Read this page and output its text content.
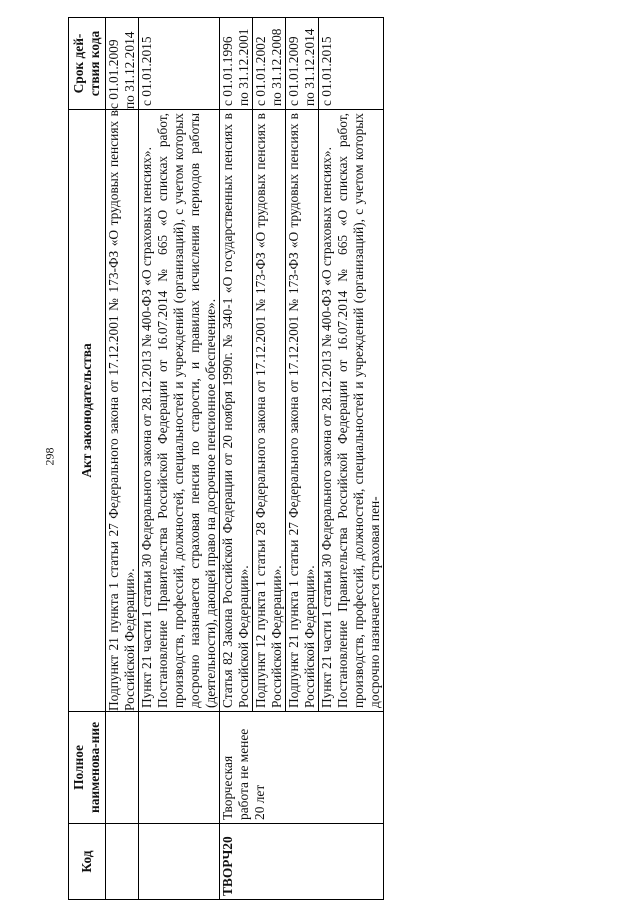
298
Код	Полное наименова-ние	Акт законодательства	Срок дей-ствия кода

		Подпункт 21 пункта 1 статьи 27 Федерального закона от 17.12.2001 № 173-ФЗ «О трудовых пенсиях в Российской Федерации».	с 01.01.2009 по 31.12.2014

		Пункт 21 части 1 статьи 30 Федерального закона от 28.12.2013 № 400-ФЗ «О страховых пенсиях». Постановление Правительства Российской Федерации от 16.07.2014 № 665 «О списках работ, производств, профессий, должностей, специальностей и учреждений (организаций), с учетом которых досрочно назначается страховая пенсия по старости, и правилах исчисления периодов работы (деятельности), дающей право на досрочное пенсионное обеспечение».	с 01.01.2015

ТВОРЧ20	Творческая работа не менее 20 лет	Статья 82 Закона Российской Федерации от 20 ноября 1990г. № 340-1 «О государственных пенсиях в Российской Федерации».	с 01.01.1996 по 31.12.2001

		Подпункт 12 пункта 1 статьи 28 Федерального закона от 17.12.2001 № 173-ФЗ «О трудовых пенсиях в Российской Федерации».	с 01.01.2002 по 31.12.2008

		Подпункт 21 пункта 1 статьи 27 Федерального закона от 17.12.2001 № 173-ФЗ «О трудовых пенсиях в Российской Федерации».	с 01.01.2009 по 31.12.2014

		Пункт 21 части 1 статьи 30 Федерального закона от 28.12.2013 № 400-ФЗ «О страховых пенсиях». Постановление Правительства Российской Федерации от 16.07.2014 № 665 «О списках работ, производств, профессий, должностей, специальностей и учреждений (организаций), с учетом которых досрочно назначается страховая пен-	с 01.01.2015
